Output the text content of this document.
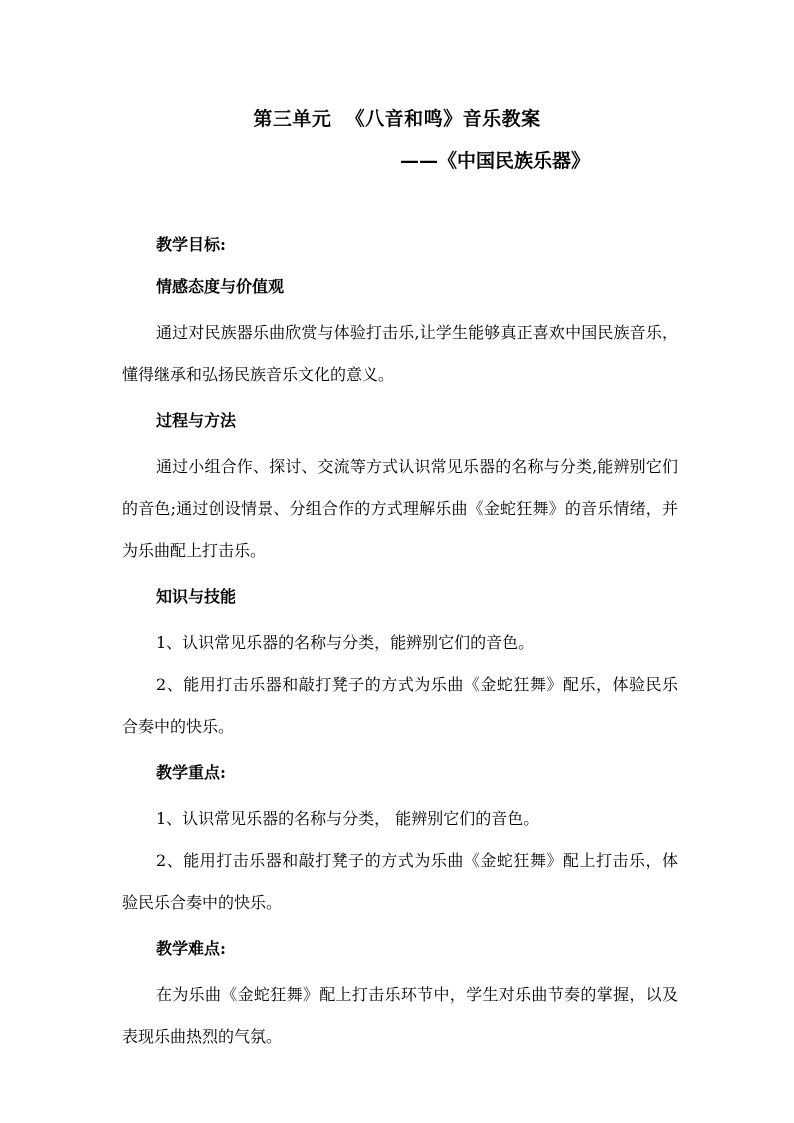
第三单元  《八音和鸣》音乐教案
——《中国民族乐器》
教学目标:
情感态度与价值观

通过对民族器乐曲欣赏与体验打击乐,让学生能够真正喜欢中国民族音乐，懂得继承和弘扬民族音乐文化的意义。

过程与方法

通过小组合作、探讨、交流等方式认识常见乐器的名称与分类,能辨别它们的音色;通过创设情景、分组合作的方式理解乐曲《金蛇狂舞》的音乐情绪，并为乐曲配上打击乐。

知识与技能

1、认识常见乐器的名称与分类，能辨别它们的音色。

2、能用打击乐器和敲打凳子的方式为乐曲《金蛇狂舞》配乐，体验民乐合奏中的快乐。

教学重点:

1、认识常见乐器的名称与分类， 能辨别它们的音色。

2、能用打击乐器和敲打凳子的方式为乐曲《金蛇狂舞》配上打击乐，体验民乐合奏中的快乐。

教学难点:

在为乐曲《金蛇狂舞》配上打击乐环节中，学生对乐曲节奏的掌握，以及表现乐曲热烈的气氛。
